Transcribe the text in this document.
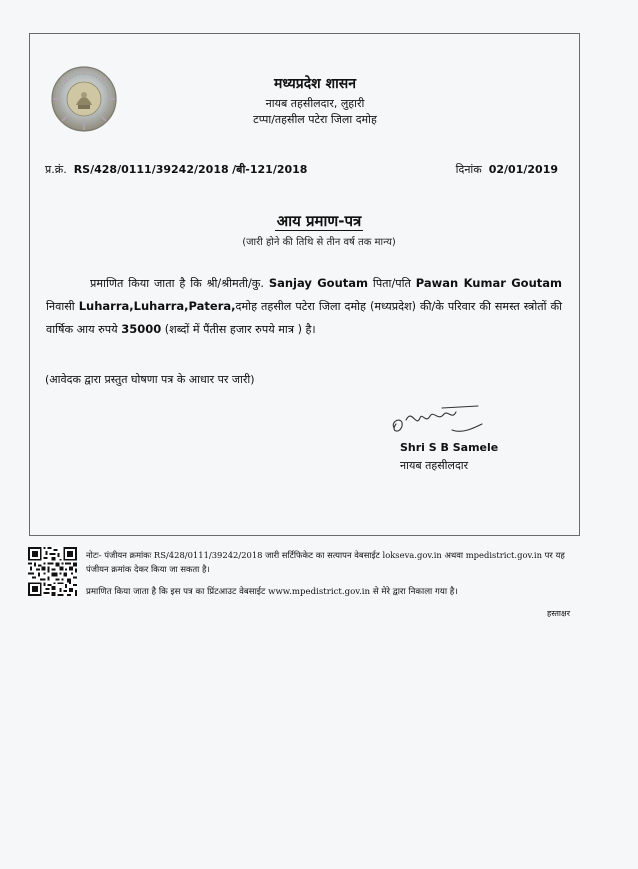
मध्यप्रदेश शासन
नायब तहसीलदार, लुहारी
टप्पा/तहसील पटेरा जिला दमोह
प्र.क्रं. RS/428/0111/39242/2018 /बी-121/2018	दिनांक 02/01/2019
आय प्रमाण-पत्र
(जारी होने की तिथि से तीन वर्ष तक मान्य)
प्रमाणित किया जाता है कि श्री/श्रीमती/कु. Sanjay Goutam पिता/पति Pawan Kumar Goutam निवासी Luharra,Luharra,Patera,दमोह तहसील पटेरा जिला दमोह (मध्यप्रदेश) की/के परिवार की समस्त स्त्रोतों की वार्षिक आय रुपये 35000 (शब्दों में पैंतीस हजार रुपये मात्र ) है।
(आवेदक द्वारा प्रस्तुत घोषणा पत्र के आधार पर जारी)
Shri S B Samele
नायब तहसीलदार
नोटः- पंजीयन क्रमांकः RS/428/0111/39242/2018 जारी सर्टिफिकेट का सत्यापन वेबसाईट lokseva.gov.in अथवा mpedistrict.gov.in पर यह पंजीयन क्रमांक देकर किया जा सकता है।
प्रमाणित किया जाता है कि इस पत्र का प्रिंटआउट वेबसाईट www.mpedistrict.gov.in से मेरे द्वारा निकाला गया है।
हस्ताक्षर
